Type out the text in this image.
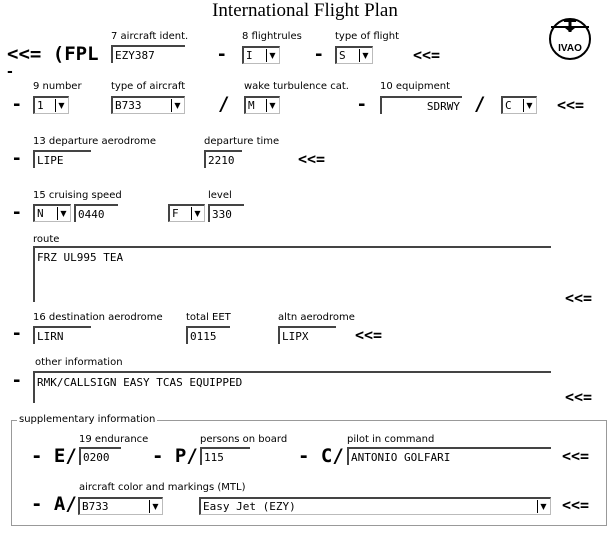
International Flight Plan
IVAO
<<= (FPL
-
7 aircraft ident.
EZY387	-
8 flightrules
I	▼ -
type of flight
S	▼	<<=
-
9 number
1	▼
type of aircraft
B733	▼ /
wake turbulence cat.
M	▼	-
10 equipment
SDRWY / C	▼ <<=
-
13 departure aerodrome
LIPE
departure time
2210	<<=
-
15 cruising speed
N	▼	0440
level
F	▼	330
route
FRZ UL995 TEA
<<=
-
16 destination aerodrome
LIRN
total EET
0115
altn aerodrome
LIPX	<<=
-
other information
RMK/CALLSIGN EASY TCAS EQUIPPED
<<=
supplementary information
- E/
19 endurance
0200	- P/
persons on board
115	- C/
pilot in command
ANTONIO GOLFARI	<<=
- A/
aircraft color and markings (MTL)
B733	▼	Easy Jet (EZY)	▼ <<=
